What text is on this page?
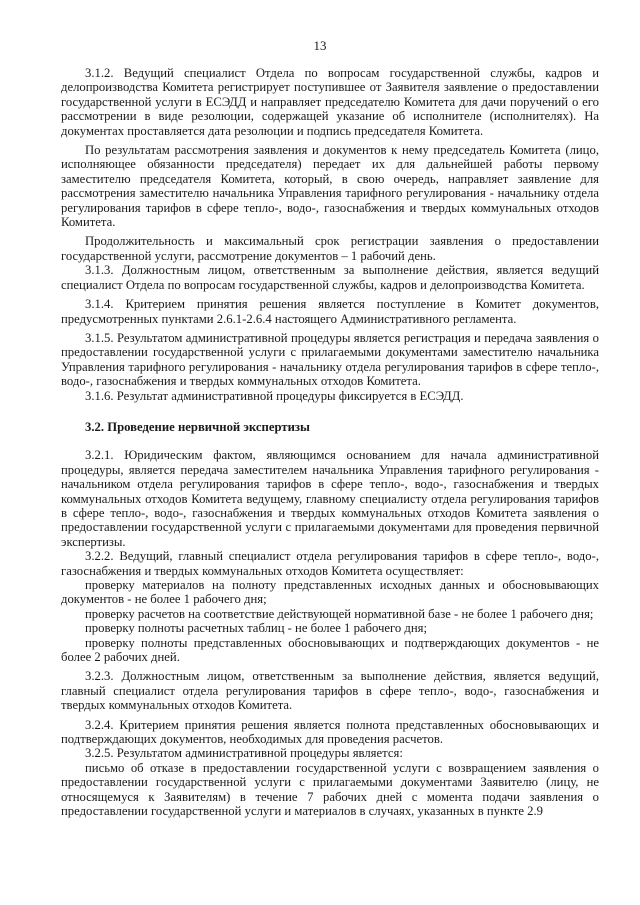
13

3.1.2. Ведущий специалист Отдела по вопросам государственной службы, кадров и делопроизводства Комитета регистрирует поступившее от Заявителя заявление о предоставлении государственной услуги в ЕСЭДД и направляет председателю Комитета для дачи поручений о его рассмотрении в виде резолюции, содержащей указание об исполнителе (исполнителях). На документах проставляется дата резолюции и подпись председателя Комитета.

По результатам рассмотрения заявления и документов к нему председатель Комитета (лицо, исполняющее обязанности председателя) передает их для дальнейшей работы первому заместителю председателя Комитета, который, в свою очередь, направляет заявление для рассмотрения заместителю начальника Управления тарифного регулирования - начальнику отдела регулирования тарифов в сфере тепло-, водо-, газоснабжения и твердых коммунальных отходов Комитета.

Продолжительность и максимальный срок регистрации заявления о предоставлении государственной услуги, рассмотрение документов – 1 рабочий день.

3.1.3. Должностным лицом, ответственным за выполнение действия, является ведущий специалист Отдела по вопросам государственной службы, кадров и делопроизводства Комитета.

3.1.4. Критерием принятия решения является поступление в Комитет документов, предусмотренных пунктами 2.6.1-2.6.4 настоящего Административного регламента.

3.1.5. Результатом административной процедуры является регистрация и передача заявления о предоставлении государственной услуги с прилагаемыми документами заместителю начальника Управления тарифного регулирования - начальнику отдела регулирования тарифов в сфере тепло-, водо-, газоснабжения и твердых коммунальных отходов Комитета.

3.1.6. Результат административной процедуры фиксируется в ЕСЭДД.

3.2. Проведение нервичной экспертизы

3.2.1. Юридическим фактом, являющимся основанием для начала административной процедуры, является передача заместителем начальника Управления тарифного регулирования - начальником отдела регулирования тарифов в сфере тепло-, водо-, газоснабжения и твердых коммунальных отходов Комитета ведущему, главному специалисту отдела регулирования тарифов в сфере тепло-, водо-, газоснабжения и твердых коммунальных отходов Комитета заявления о предоставлении государственной услуги с прилагаемыми документами для проведения первичной экспертизы.

3.2.2. Ведущий, главный специалист отдела регулирования тарифов в сфере тепло-, водо-, газоснабжения и твердых коммунальных отходов Комитета осуществляет:

проверку материалов на полноту представленных исходных данных и обосновывающих документов - не более 1 рабочего дня;

проверку расчетов на соответствие действующей нормативной базе - не более 1 рабочего дня;

проверку полноты расчетных таблиц - не более 1 рабочего дня;

проверку полноты представленных обосновывающих и подтверждающих документов - не более 2 рабочих дней.

3.2.3. Должностным лицом, ответственным за выполнение действия, является ведущий, главный специалист отдела регулирования тарифов в сфере тепло-, водо-, газоснабжения и твердых коммунальных отходов Комитета.

3.2.4. Критерием принятия решения является полнота представленных обосновывающих и подтверждающих документов, необходимых для проведения расчетов.

3.2.5. Результатом административной процедуры является:

письмо об отказе в предоставлении государственной услуги с возвращением заявления о предоставлении государственной услуги с прилагаемыми документами Заявителю (лицу, не относящемуся к Заявителям) в течение 7 рабочих дней с момента подачи заявления о предоставлении государственной услуги и материалов в случаях, указанных в пункте 2.9
